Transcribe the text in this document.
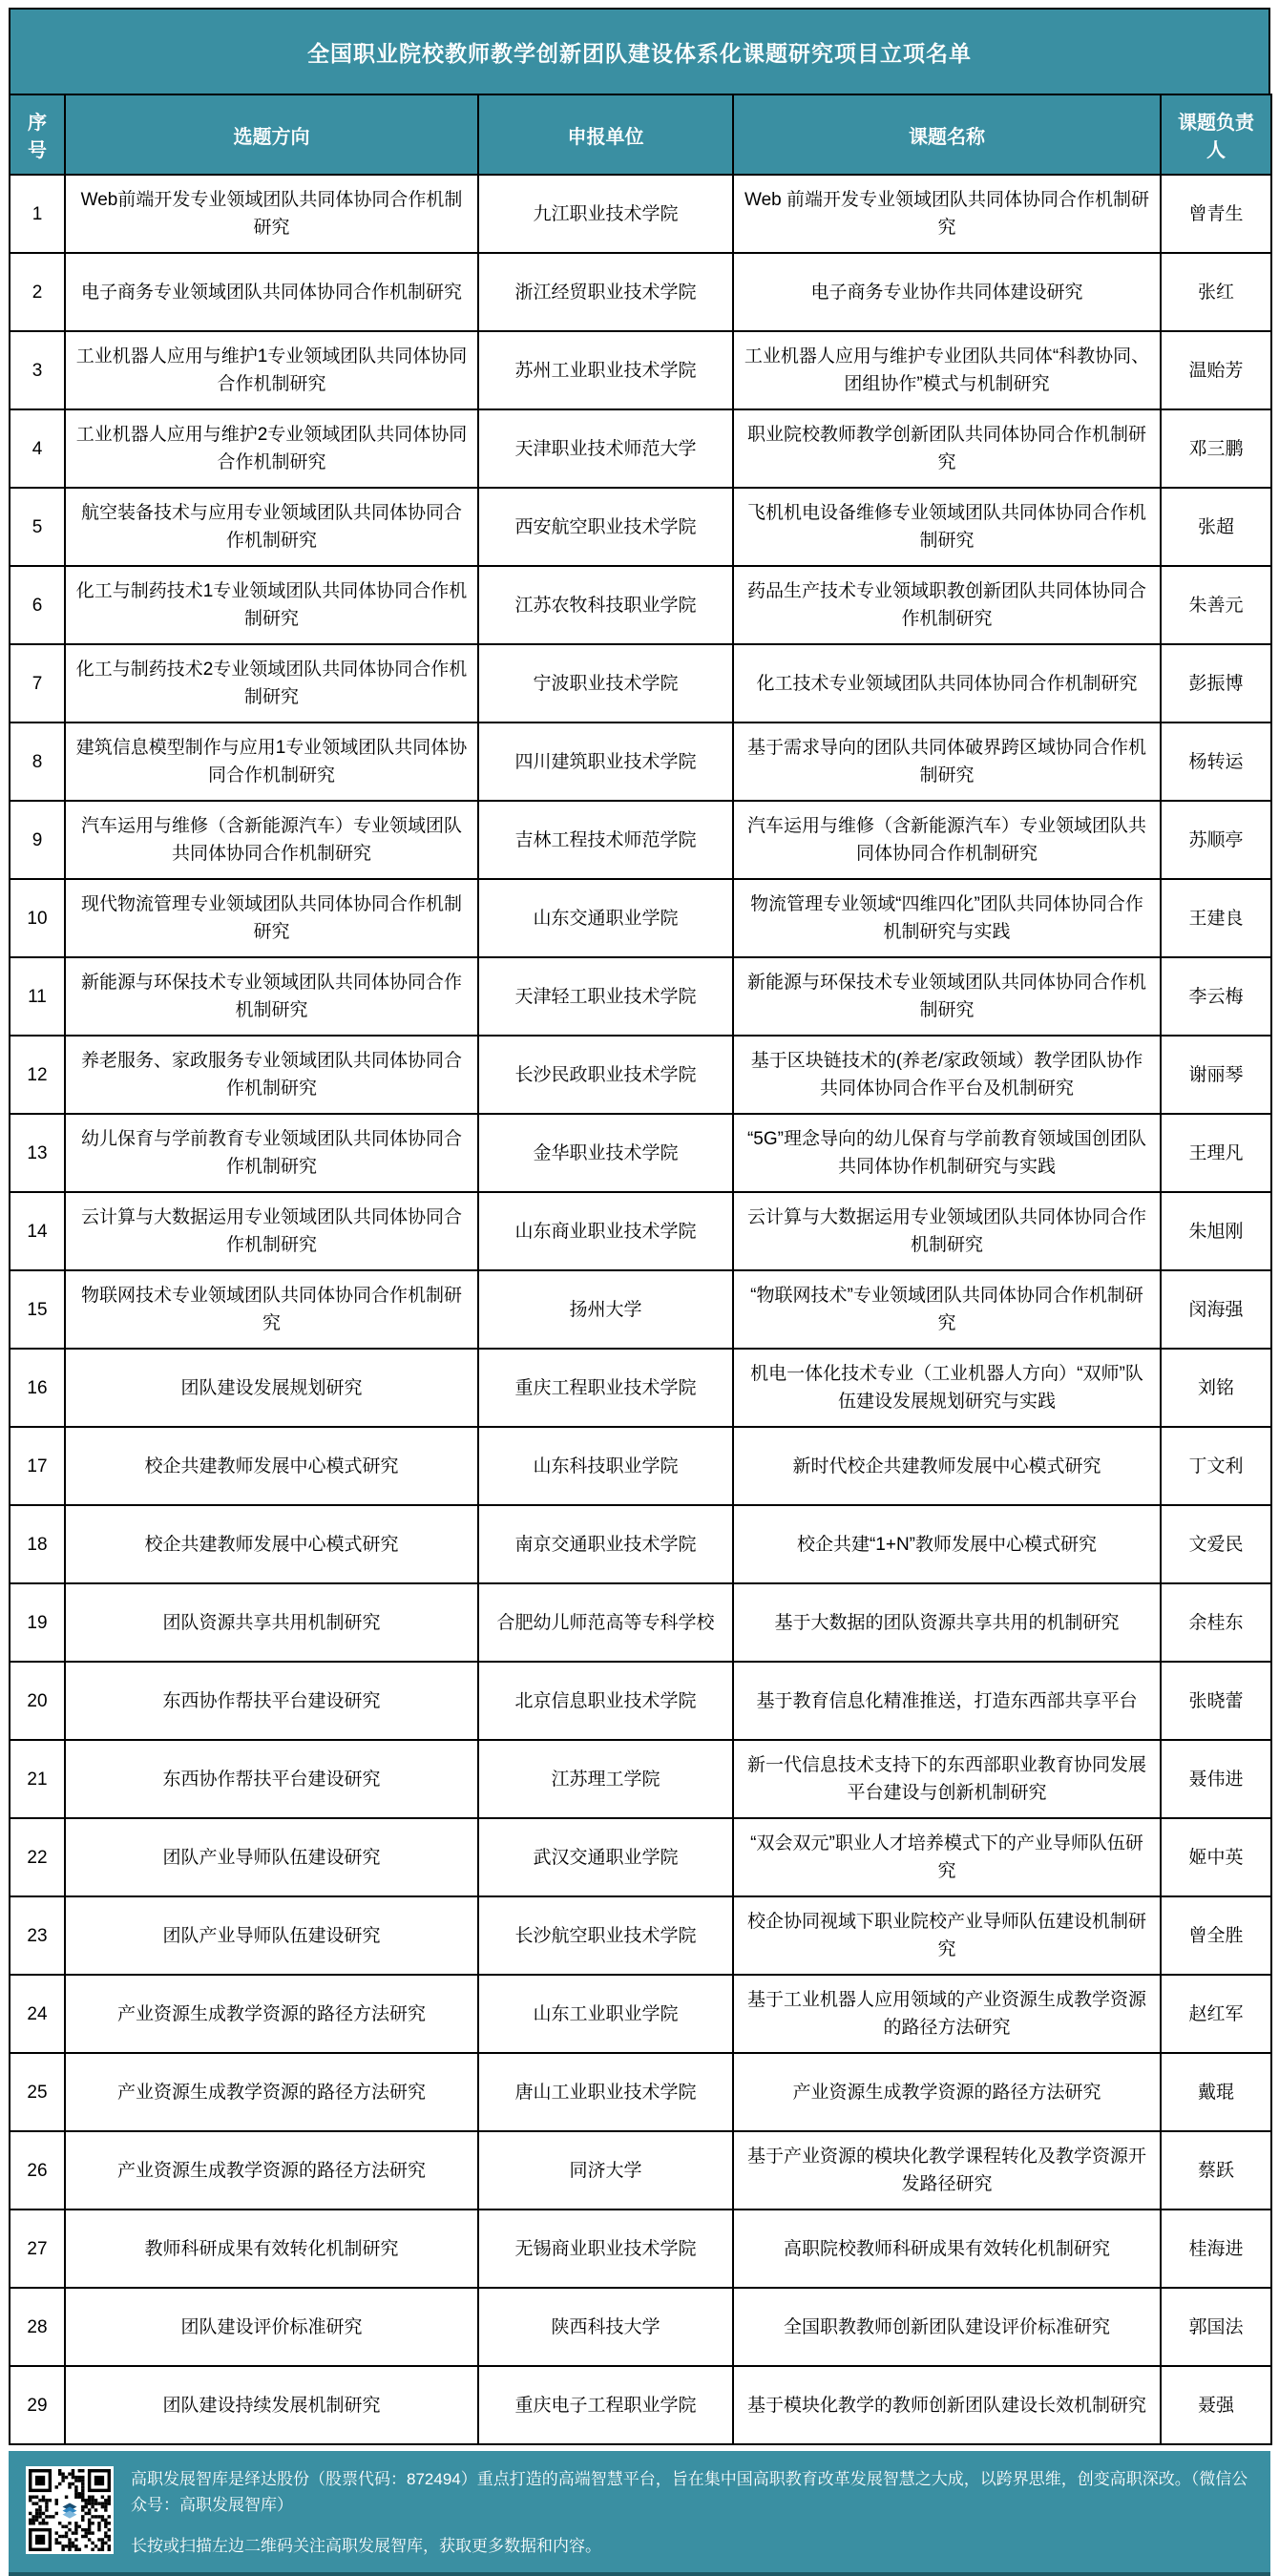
全国职业院校教师教学创新团队建设体系化课题研究项目立项名单
序号	选题方向	申报单位	课题名称	课题负责人
1	Web前端开发专业领域团队共同体协同合作机制研究	九江职业技术学院	Web 前端开发专业领域团队共同体协同合作机制研究	曾青生
2	电子商务专业领域团队共同体协同合作机制研究	浙江经贸职业技术学院	电子商务专业协作共同体建设研究	张红
3	工业机器人应用与维护1专业领域团队共同体协同合作机制研究	苏州工业职业技术学院	工业机器人应用与维护专业团队共同体“科教协同、团组协作”模式与机制研究	温贻芳
4	工业机器人应用与维护2专业领域团队共同体协同合作机制研究	天津职业技术师范大学	职业院校教师教学创新团队共同体协同合作机制研究	邓三鹏
5	航空装备技术与应用专业领域团队共同体协同合作机制研究	西安航空职业技术学院	飞机机电设备维修专业领域团队共同体协同合作机制研究	张超
6	化工与制药技术1专业领域团队共同体协同合作机制研究	江苏农牧科技职业学院	药品生产技术专业领域职教创新团队共同体协同合作机制研究	朱善元
7	化工与制药技术2专业领域团队共同体协同合作机制研究	宁波职业技术学院	化工技术专业领域团队共同体协同合作机制研究	彭振博
8	建筑信息模型制作与应用1专业领域团队共同体协同合作机制研究	四川建筑职业技术学院	基于需求导向的团队共同体破界跨区域协同合作机制研究	杨转运
9	汽车运用与维修（含新能源汽车）专业领域团队共同体协同合作机制研究	吉林工程技术师范学院	汽车运用与维修（含新能源汽车）专业领域团队共同体协同合作机制研究	苏顺亭
10	现代物流管理专业领域团队共同体协同合作机制研究	山东交通职业学院	物流管理专业领域“四维四化”团队共同体协同合作机制研究与实践	王建良
11	新能源与环保技术专业领域团队共同体协同合作机制研究	天津轻工职业技术学院	新能源与环保技术专业领域团队共同体协同合作机制研究	李云梅
12	养老服务、家政服务专业领域团队共同体协同合作机制研究	长沙民政职业技术学院	基于区块链技术的(养老/家政领域）教学团队协作共同体协同合作平台及机制研究	谢丽琴
13	幼儿保育与学前教育专业领域团队共同体协同合作机制研究	金华职业技术学院	“5G”理念导向的幼儿保育与学前教育领域国创团队共同体协作机制研究与实践	王理凡
14	云计算与大数据运用专业领域团队共同体协同合作机制研究	山东商业职业技术学院	云计算与大数据运用专业领域团队共同体协同合作机制研究	朱旭刚
15	物联网技术专业领域团队共同体协同合作机制研究	扬州大学	“物联网技术”专业领域团队共同体协同合作机制研究	闵海强
16	团队建设发展规划研究	重庆工程职业技术学院	机电一体化技术专业（工业机器人方向）“双师”队伍建设发展规划研究与实践	刘铭
17	校企共建教师发展中心模式研究	山东科技职业学院	新时代校企共建教师发展中心模式研究	丁文利
18	校企共建教师发展中心模式研究	南京交通职业技术学院	校企共建“1+N”教师发展中心模式研究	文爱民
19	团队资源共享共用机制研究	合肥幼儿师范高等专科学校	基于大数据的团队资源共享共用的机制研究	余桂东
20	东西协作帮扶平台建设研究	北京信息职业技术学院	基于教育信息化精准推送，打造东西部共享平台	张晓蕾
21	东西协作帮扶平台建设研究	江苏理工学院	新一代信息技术支持下的东西部职业教育协同发展平台建设与创新机制研究	聂伟进
22	团队产业导师队伍建设研究	武汉交通职业学院	“双会双元”职业人才培养模式下的产业导师队伍研究	姬中英
23	团队产业导师队伍建设研究	长沙航空职业技术学院	校企协同视域下职业院校产业导师队伍建设机制研究	曾全胜
24	产业资源生成教学资源的路径方法研究	山东工业职业学院	基于工业机器人应用领域的产业资源生成教学资源的路径方法研究	赵红军
25	产业资源生成教学资源的路径方法研究	唐山工业职业技术学院	产业资源生成教学资源的路径方法研究	戴琨
26	产业资源生成教学资源的路径方法研究	同济大学	基于产业资源的模块化教学课程转化及教学资源开发路径研究	蔡跃
27	教师科研成果有效转化机制研究	无锡商业职业技术学院	高职院校教师科研成果有效转化机制研究	桂海进
28	团队建设评价标准研究	陕西科技大学	全国职教教师创新团队建设评价标准研究	郭国法
29	团队建设持续发展机制研究	重庆电子工程职业学院	基于模块化教学的教师创新团队建设长效机制研究	聂强

高职发展智库是绎达股份（股票代码：872494）重点打造的高端智慧平台，旨在集中国高职教育改革发展智慧之大成，以跨界思维，创变高职深改。（微信公众号：高职发展智库）

长按或扫描左边二维码关注高职发展智库，获取更多数据和内容。
